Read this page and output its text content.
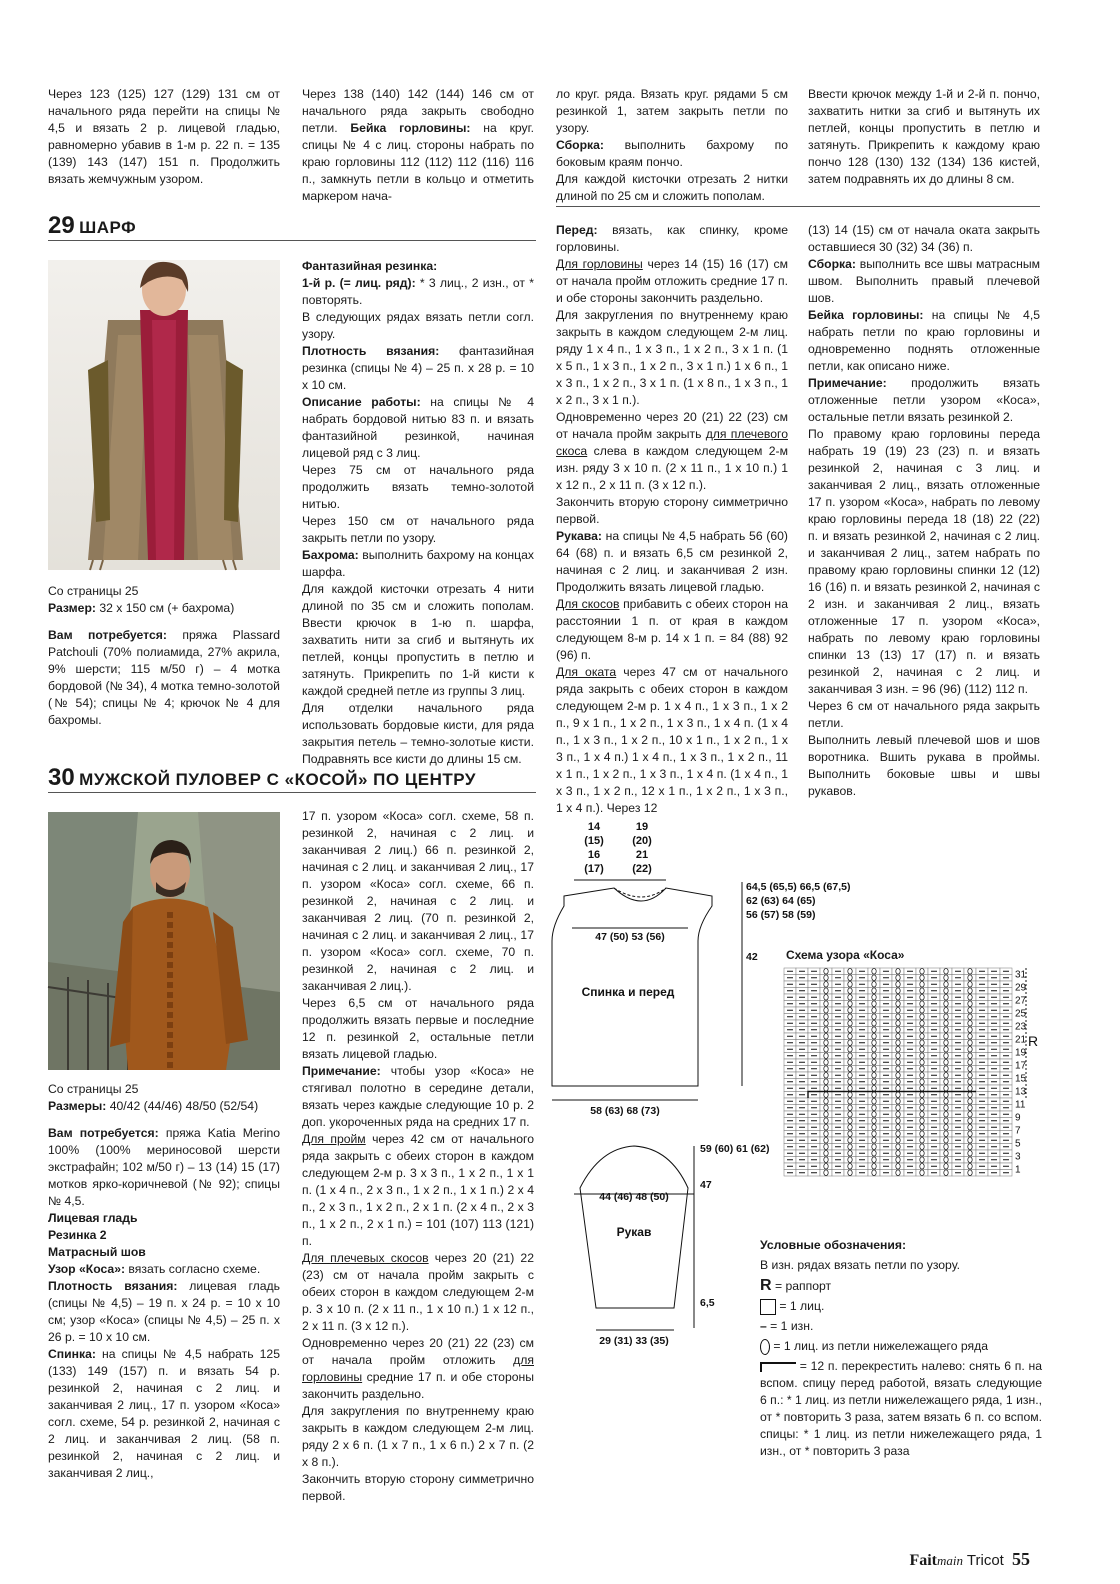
Через 123 (125) 127 (129) 131 см от начального ряда перейти на спицы № 4,5 и вязать 2 р. лицевой гладью, равномерно убавив в 1-м р. 22 п. = 135 (139) 143 (147) 151 п. Продолжить вязать жемчужным узором.

Через 138 (140) 142 (144) 146 см от начального ряда закрыть свободно петли. Бейка горловины: на круг. спицы № 4 с лиц. стороны набрать по краю горловины 112 (112) 112 (116) 116 п., замкнуть петли в кольцо и отметить маркером нача-

ло круг. ряда. Вязать круг. рядами 5 см резинкой 1, затем закрыть петли по узору.

Сборка: выполнить бахрому по боковым краям пончо.

Для каждой кисточки отрезать 2 нитки длиной по 25 см и сложить пополам.

Ввести крючок между 1-й и 2-й п. пончо, захватить нитки за сгиб и вытянуть их петлей, концы пропустить в петлю и затянуть. Прикрепить к каждому краю пончо 128 (130) 132 (134) 136 кистей, затем подравнять их до длины 8 см.

29 ШАРФ

Со страницы 25

Размер: 32 х 150 см (+ бахрома)

Вам потребуется: пряжа Plassard Patchouli (70% полиамида, 27% акрила, 9% шерсти; 115 м/50 г) – 4 мотка бордовой (№ 34), 4 мотка темно-золотой (№ 54); спицы № 4; крючок № 4 для бахромы.

Фантазийная резинка:

1-й р. (= лиц. ряд): * 3 лиц., 2 изн., от * повторять.

В следующих рядах вязать петли согл. узору.

Плотность вязания: фантазийная резинка (спицы № 4) – 25 п. х 28 р. = 10 х 10 см.

Описание работы: на спицы № 4 набрать бордовой нитью 83 п. и вязать фантазийной резинкой, начиная лицевой ряд с 3 лиц.

Через 75 см от начального ряда продолжить вязать темно-золотой нитью.

Через 150 см от начального ряда закрыть петли по узору.

Бахрома: выполнить бахрому на концах шарфа.

Для каждой кисточки отрезать 4 нити длиной по 35 см и сложить пополам. Ввести крючок в 1-ю п. шарфа, захватить нити за сгиб и вытянуть их петлей, концы пропустить в петлю и затянуть. Прикрепить по 1-й кисти к каждой средней петле из группы 3 лиц.

Для отделки начального ряда использовать бордовые кисти, для ряда закрытия петель – темно-золотые кисти. Подравнять все кисти до длины 15 см.

Перед: вязать, как спинку, кроме горловины.

Для горловины через 14 (15) 16 (17) см от начала пройм отложить средние 17 п. и обе стороны закончить раздельно.

Для закругления по внутреннему краю закрыть в каждом следующем 2-м лиц. ряду 1 х 4 п., 1 х 3 п., 1 х 2 п., 3 х 1 п. (1 х 5 п., 1 х 3 п., 1 х 2 п., 3 х 1 п.) 1 х 6 п., 1 х 3 п., 1 х 2 п., 3 х 1 п. (1 х 8 п., 1 х 3 п., 1 х 2 п., 3 х 1 п.).

Одновременно через 20 (21) 22 (23) см от начала пройм закрыть для плечевого скоса слева в каждом следующем 2-м изн. ряду 3 х 10 п. (2 х 11 п., 1 х 10 п.) 1 х 12 п., 2 х 11 п. (3 х 12 п.).

Закончить вторую сторону симметрично первой.

Рукава: на спицы № 4,5 набрать 56 (60) 64 (68) п. и вязать 6,5 см резинкой 2, начиная с 2 лиц. и заканчивая 2 изн. Продолжить вязать лицевой гладью.

Для скосов прибавить с обеих сторон на расстоянии 1 п. от края в каждом следующем 8-м р. 14 х 1 п. = 84 (88) 92 (96) п.

Для оката через 47 см от начального ряда закрыть с обеих сторон в каждом следующем 2-м р. 1 х 4 п., 1 х 3 п., 1 х 2 п., 9 х 1 п., 1 х 2 п., 1 х 3 п., 1 х 4 п. (1 х 4 п., 1 х 3 п., 1 х 2 п., 10 х 1 п., 1 х 2 п., 1 х 3 п., 1 х 4 п.) 1 х 4 п., 1 х 3 п., 1 х 2 п., 11 х 1 п., 1 х 2 п., 1 х 3 п., 1 х 4 п. (1 х 4 п., 1 х 3 п., 1 х 2 п., 12 х 1 п., 1 х 2 п., 1 х 3 п., 1 х 4 п.). Через 12

(13) 14 (15) см от начала оката закрыть оставшиеся 30 (32) 34 (36) п.

Сборка: выполнить все швы матрасным швом. Выполнить правый плечевой шов.

Бейка горловины: на спицы № 4,5 набрать петли по краю горловины и одновременно поднять отложенные петли, как описано ниже.

Примечание: продолжить вязать отложенные петли узором «Коса», остальные петли вязать резинкой 2.

По правому краю горловины переда набрать 19 (19) 23 (23) п. и вязать резинкой 2, начиная с 3 лиц. и заканчивая 2 лиц., вязать отложенные 17 п. узором «Коса», набрать по левому краю горловины переда 18 (18) 22 (22) п. и вязать резинкой 2, начиная с 2 лиц. и заканчивая 2 лиц., затем набрать по правому краю горловины спинки 12 (12) 16 (16) п. и вязать резинкой 2, начиная с 2 изн. и заканчивая 2 лиц., вязать отложенные 17 п. узором «Коса», набрать по левому краю горловины спинки 13 (13) 17 (17) п. и вязать резинкой 2, начиная с 2 лиц. и заканчивая 3 изн. = 96 (96) (112) 112 п.

Через 6 см от начального ряда закрыть петли.

Выполнить левый плечевой шов и шов воротника. Вшить рукава в проймы. Выполнить боковые швы и швы рукавов.

30 МУЖСКОЙ ПУЛОВЕР С «КОСОЙ» ПО ЦЕНТРУ

Со страницы 25

Размеры: 40/42 (44/46) 48/50 (52/54)

Вам потребуется: пряжа Katia Merino 100% (100% мериносовой шерсти экстрафайн; 102 м/50 г) – 13 (14) 15 (17) мотков ярко-коричневой (№ 92); спицы № 4,5.

Лицевая гладь

Резинка 2

Матрасный шов

Узор «Коса»: вязать согласно схеме.

Плотность вязания: лицевая гладь (спицы № 4,5) – 19 п. х 24 р. = 10 х 10 см; узор «Коса» (спицы № 4,5) – 25 п. х 26 р. = 10 х 10 см.

Спинка: на спицы № 4,5 набрать 125 (133) 149 (157) п. и вязать 54 р. резинкой 2, начиная с 2 лиц. и заканчивая 2 лиц., 17 п. узором «Коса» согл. схеме, 54 р. резинкой 2, начиная с 2 лиц. и заканчивая 2 лиц. (58 п. резинкой 2, начиная с 2 лиц. и заканчивая 2 лиц.,

17 п. узором «Коса» согл. схеме, 58 п. резинкой 2, начиная с 2 лиц. и заканчивая 2 лиц.) 66 п. резинкой 2, начиная с 2 лиц. и заканчивая 2 лиц., 17 п. узором «Коса» согл. схеме, 66 п. резинкой 2, начиная с 2 лиц. и заканчивая 2 лиц. (70 п. резинкой 2, начиная с 2 лиц. и заканчивая 2 лиц., 17 п. узором «Коса» согл. схеме, 70 п. резинкой 2, начиная с 2 лиц. и заканчивая 2 лиц.).

Через 6,5 см от начального ряда продолжить вязать первые и последние 12 п. резинкой 2, остальные петли вязать лицевой гладью.

Примечание: чтобы узор «Коса» не стягивал полотно в середине детали, вязать через каждые следующие 10 р. 2 доп. укороченных ряда на средних 17 п.

Для пройм через 42 см от начального ряда закрыть с обеих сторон в каждом следующем 2-м р. 3 х 3 п., 1 х 2 п., 1 х 1 п. (1 х 4 п., 2 х 3 п., 1 х 2 п., 1 х 1 п.) 2 х 4 п., 2 х 3 п., 1 х 2 п., 2 х 1 п. (2 х 4 п., 2 х 3 п., 1 х 2 п., 2 х 1 п.) = 101 (107) 113 (121) п.

Для плечевых скосов через 20 (21) 22 (23) см от начала пройм закрыть с обеих сторон в каждом следующем 2-м р. 3 х 10 п. (2 х 11 п., 1 х 10 п.) 1 х 12 п., 2 х 11 п. (3 х 12 п.).

Одновременно через 20 (21) 22 (23) см от начала пройм отложить для горловины средние 17 п. и обе стороны закончить раздельно.

Для закругления по внутреннему краю закрыть в каждом следующем 2-м лиц. ряду 2 х 6 п. (1 х 7 п., 1 х 6 п.) 2 х 7 п. (2 х 8 п.).

Закончить вторую сторону симметрично первой.

14
(15)
16
(17)
19
(20)
21
(22)
64,5 (65,5) 66,5 (67,5)
62 (63) 64 (65)
56 (57) 58 (59)
42
47 (50) 53 (56)
Спинка и перед
58 (63) 68 (73)
59 (60) 61 (62)
47
44 (46) 48 (50)
Рукав
6,5
29 (31) 33 (35)
Схема узора «Коса»
31
29
27
25
23
21
19
17
15
13
11
9
7
5
3
1
R

Условные обозначения:

В изн. рядах вязать петли по узору.

R = раппорт

= 1 лиц.

– = 1 изн.

= 1 лиц. из петли нижележащего ряда

= 12 п. перекрестить налево: снять 6 п. на вспом. спицу перед работой, вязать следующие 6 п.: * 1 лиц. из петли нижележащего ряда, 1 изн., от * повторить 3 раза, затем вязать 6 п. со вспом. спицы: * 1 лиц. из петли нижележащего ряда, 1 изн., от * повторить 3 раза

Faitmain Tricot 55
